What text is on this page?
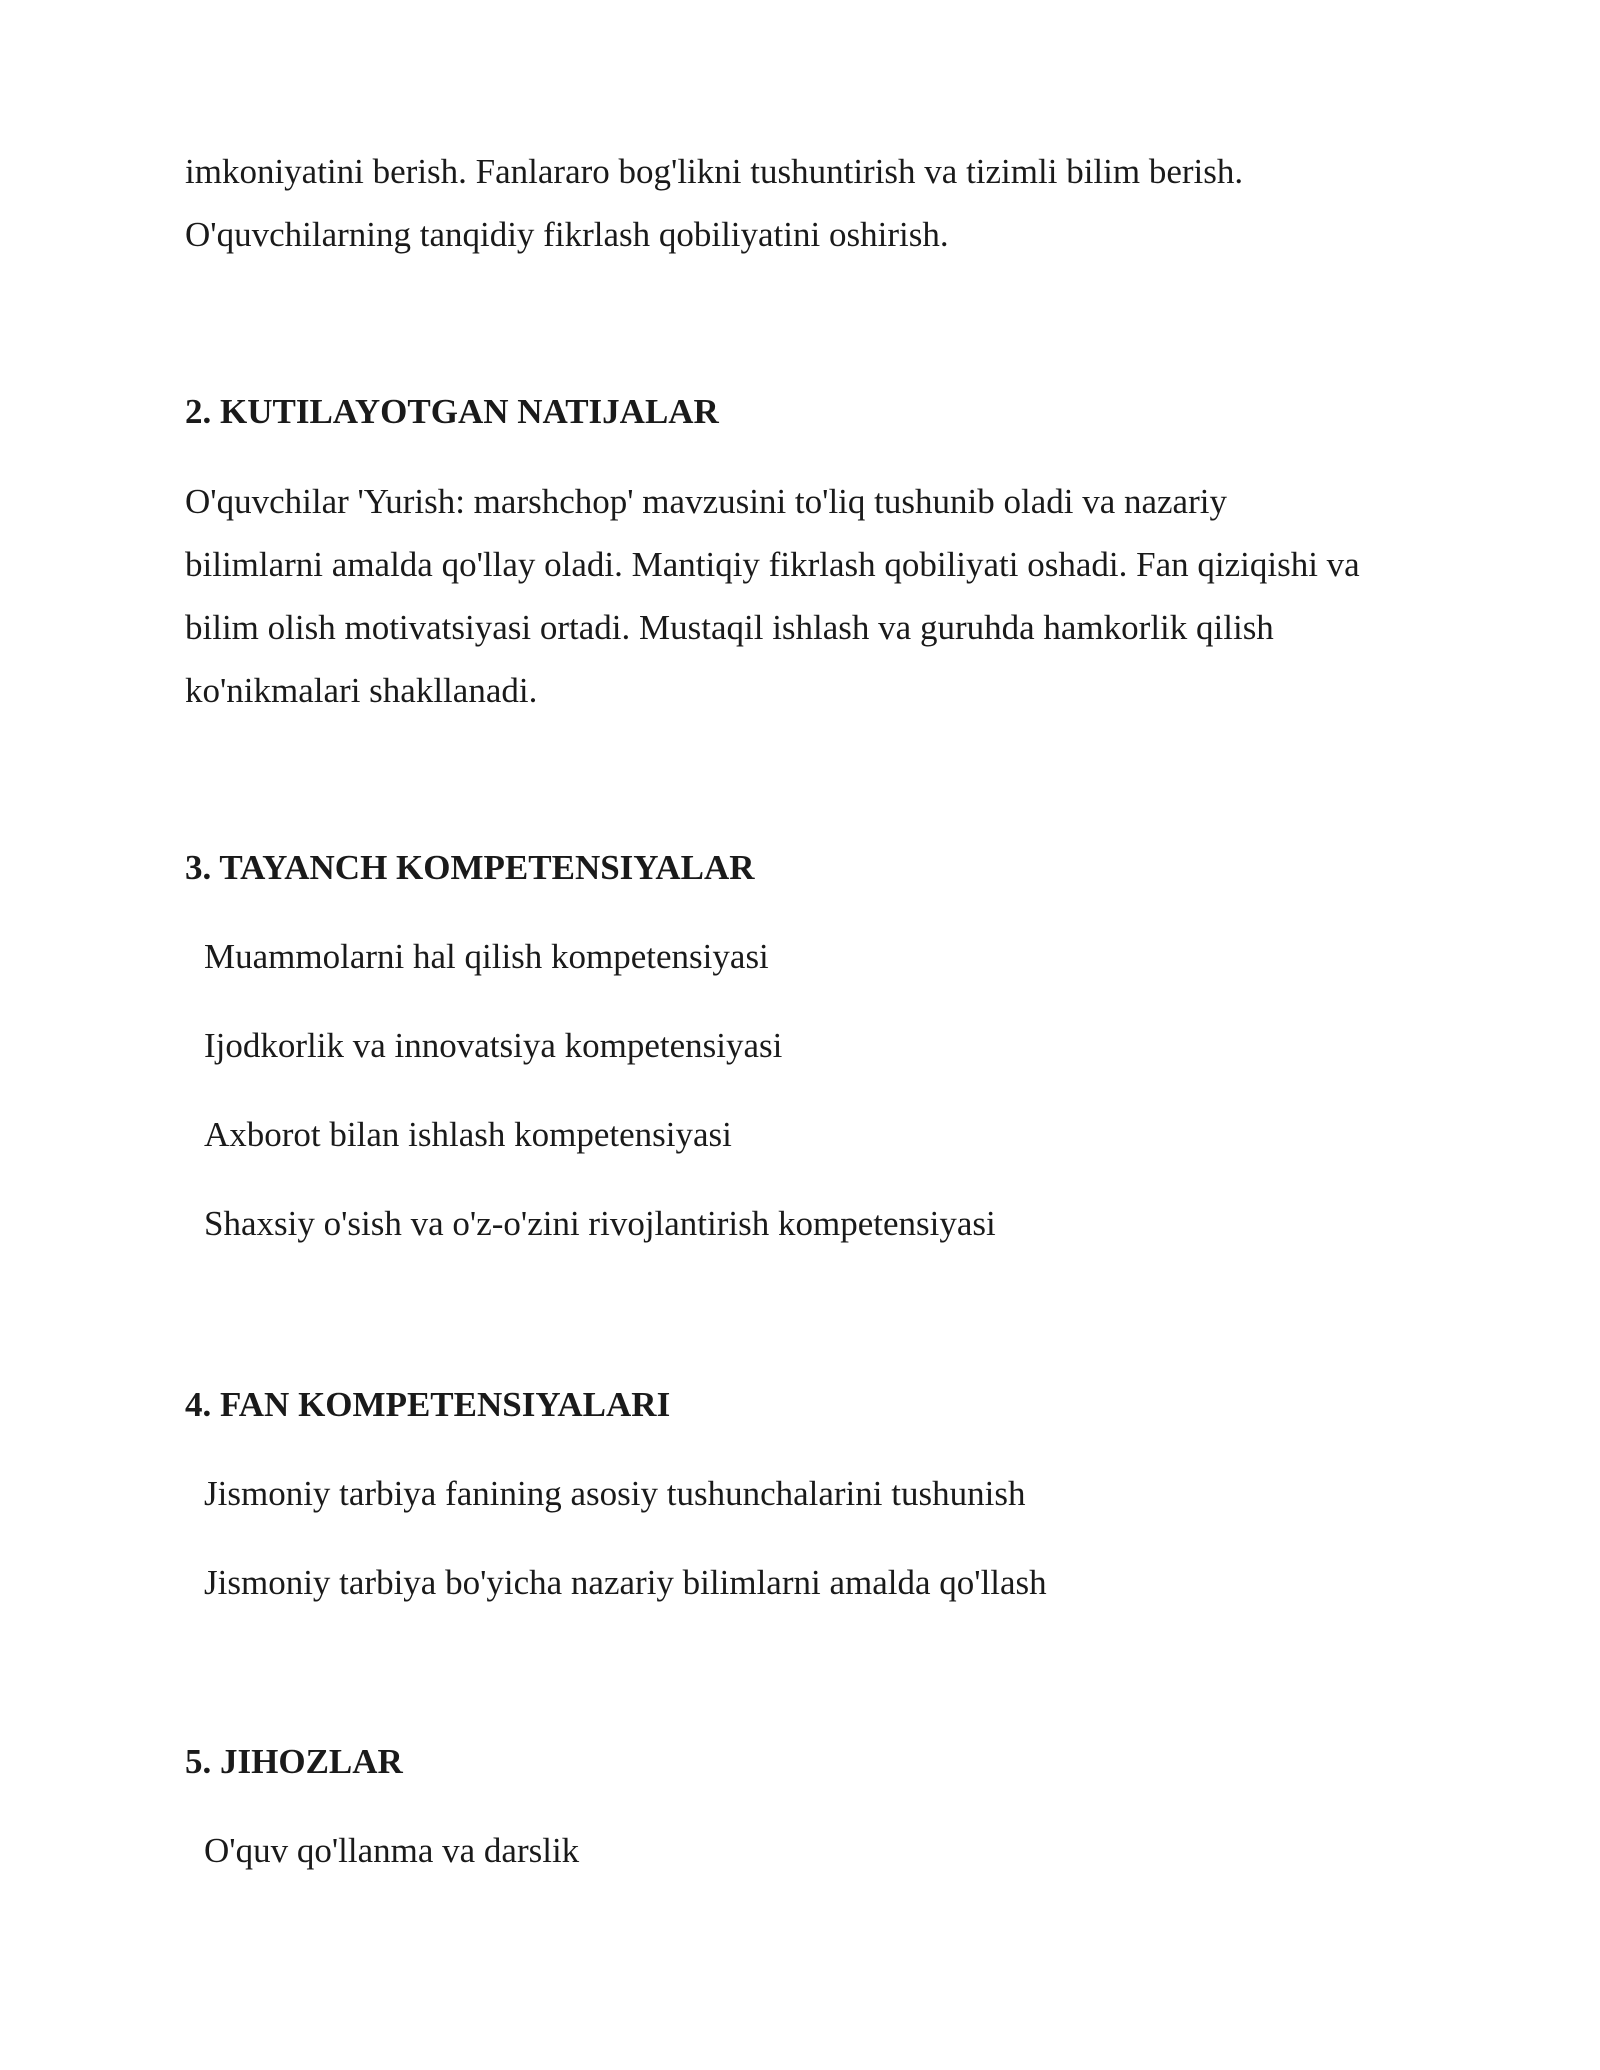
imkoniyatini berish. Fanlararo bog'likni tushuntirish va tizimli bilim berish.

O'quvchilarning tanqidiy fikrlash qobiliyatini oshirish.

2. KUTILAYOTGAN NATIJALAR

O'quvchilar 'Yurish: marshchop' mavzusini to'liq tushunib oladi va nazariy

bilimlarni amalda qo'llay oladi. Mantiqiy fikrlash qobiliyati oshadi. Fan qiziqishi va

bilim olish motivatsiyasi ortadi. Mustaqil ishlash va guruhda hamkorlik qilish

ko'nikmalari shakllanadi.

3. TAYANCH KOMPETENSIYALAR

Muammolarni hal qilish kompetensiyasi

Ijodkorlik va innovatsiya kompetensiyasi

Axborot bilan ishlash kompetensiyasi

Shaxsiy o'sish va o'z-o'zini rivojlantirish kompetensiyasi

4. FAN KOMPETENSIYALARI

Jismoniy tarbiya fanining asosiy tushunchalarini tushunish

Jismoniy tarbiya bo'yicha nazariy bilimlarni amalda qo'llash

5. JIHOZLAR

O'quv qo'llanma va darslik
